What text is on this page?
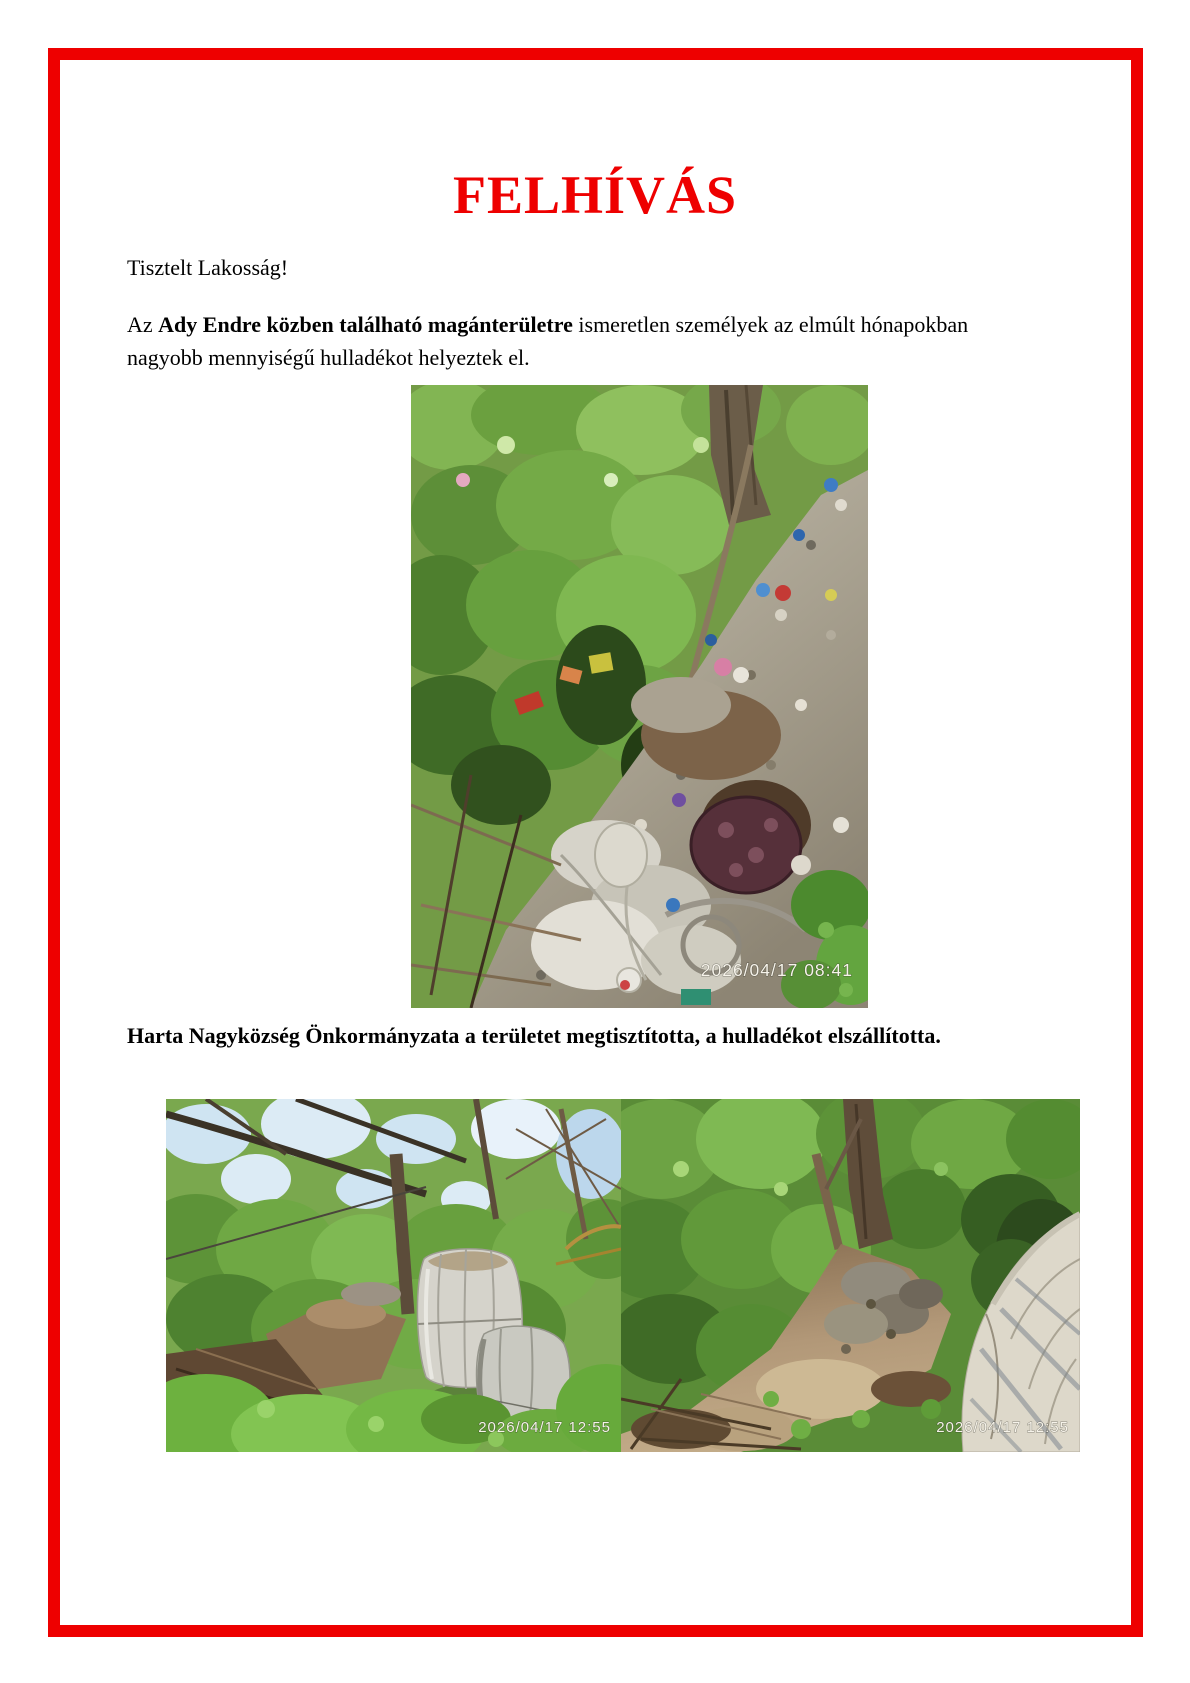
FELHÍVÁS

Tisztelt Lakosság!

Az Ady Endre közben található magánterületre ismeretlen személyek az elmúlt hónapokban nagyobb mennyiségű hulladékot helyeztek el.

2026/04/17 08:41

Harta Nagyközség Önkormányzata a területet megtisztította, a hulladékot elszállította.

2026/04/17 12:55	2026/04/17 12:55
